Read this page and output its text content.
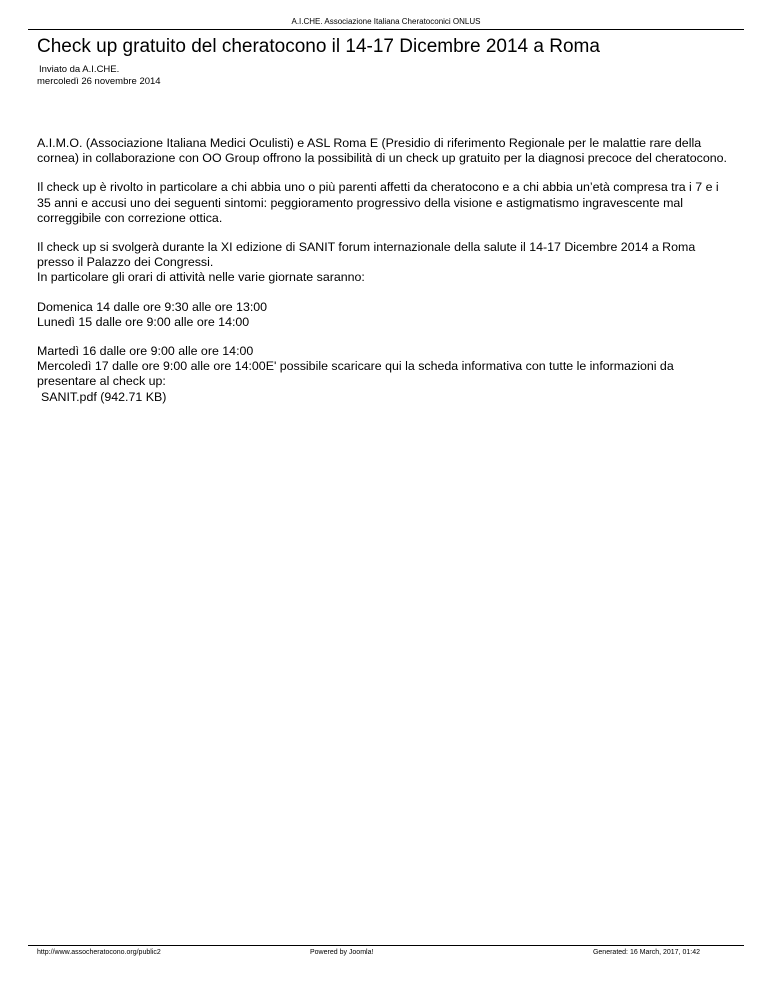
A.I.CHE. Associazione Italiana Cheratoconici ONLUS
Check up gratuito del cheratocono il 14-17 Dicembre 2014 a Roma
Inviato da A.I.CHE.
mercoledì 26 novembre 2014

A.I.M.O. (Associazione Italiana Medici Oculisti) e ASL Roma E (Presidio di riferimento Regionale per le malattie rare della cornea) in collaborazione con OO Group offrono la possibilità di un check up gratuito per la diagnosi precoce del cheratocono.

Il check up è rivolto in particolare a chi abbia uno o più parenti affetti da cheratocono e a chi abbia un’età compresa tra i 7 e i 35 anni e accusi uno dei seguenti sintomi: peggioramento progressivo della visione e astigmatismo ingravescente mal correggibile con correzione ottica.

Il check up si svolgerà durante la XI edizione di SANIT forum internazionale della salute il 14-17 Dicembre 2014 a Roma presso il Palazzo dei Congressi.
In particolare gli orari di attività nelle varie giornate saranno:

Domenica 14 dalle ore 9:30 alle ore 13:00
Lunedì 15 dalle ore 9:00 alle ore 14:00

Martedì 16 dalle ore 9:00 alle ore 14:00
Mercoledì 17 dalle ore 9:00 alle ore 14:00E' possibile scaricare qui la scheda informativa con tutte le informazioni da presentare al check up:
SANIT.pdf (942.71 KB)

http://www.assocheratocono.org/public2	Powered by Joomla!	Generated: 16 March, 2017, 01:42
